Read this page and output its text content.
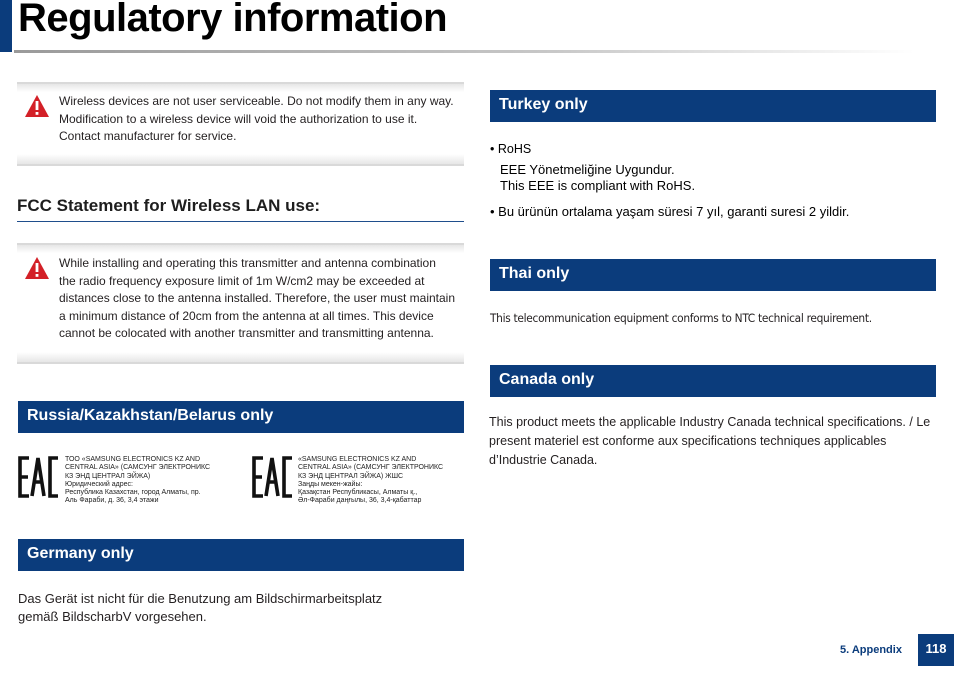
Regulatory information
Wireless devices are not user serviceable. Do not modify them in any way.
Modification to a wireless device will void the authorization to use it.
Contact manufacturer for service.
FCC Statement for Wireless LAN use:
While installing and operating this transmitter and antenna combination
the radio frequency exposure limit of 1m W/cm2 may be exceeded at
distances close to the antenna installed. Therefore, the user must maintain
a minimum distance of 20cm from the antenna at all times. This device
cannot be colocated with another transmitter and transmitting antenna.
Russia/Kazakhstan/Belarus only
ТОО «SAMSUNG ELECTRONICS KZ AND
CENTRAL ASIA» (САМСУНГ ЭЛЕКТРОНИКС
КЗ ЭНД ЦЕНТРАЛ ЭЙЖА)
Юридический адрес:
Республика Казахстан, город Алматы, пр.
Аль Фараби, д. 36, 3,4 этажи
«SAMSUNG ELECTRONICS KZ AND
CENTRAL ASIA» (САМСУНГ ЭЛЕКТРОНИКС
КЗ ЭНД ЦЕНТРАЛ ЭЙЖА) ЖШС
Заңды мекен-жайы:
Қазақстан Республикасы, Алматы қ.,
Әл-Фараби даңғылы, 36, 3,4-қабаттар
Germany only
Das Gerät ist nicht für die Benutzung am Bildschirmarbeitsplatz
gemäß BildscharbV vorgesehen.
Turkey only
• RoHS
EEE Yönetmeliğine Uygundur.
This EEE is compliant with RoHS.
• Bu ürünün ortalama yaşam süresi 7 yıl, garanti suresi 2 yildir.
Thai only
This telecommunication equipment conforms to NTC technical requirement.
Canada only
This product meets the applicable Industry Canada technical specifications. / Le
present materiel est conforme aux specifications techniques applicables
d’Industrie Canada.
5. Appendix	118
